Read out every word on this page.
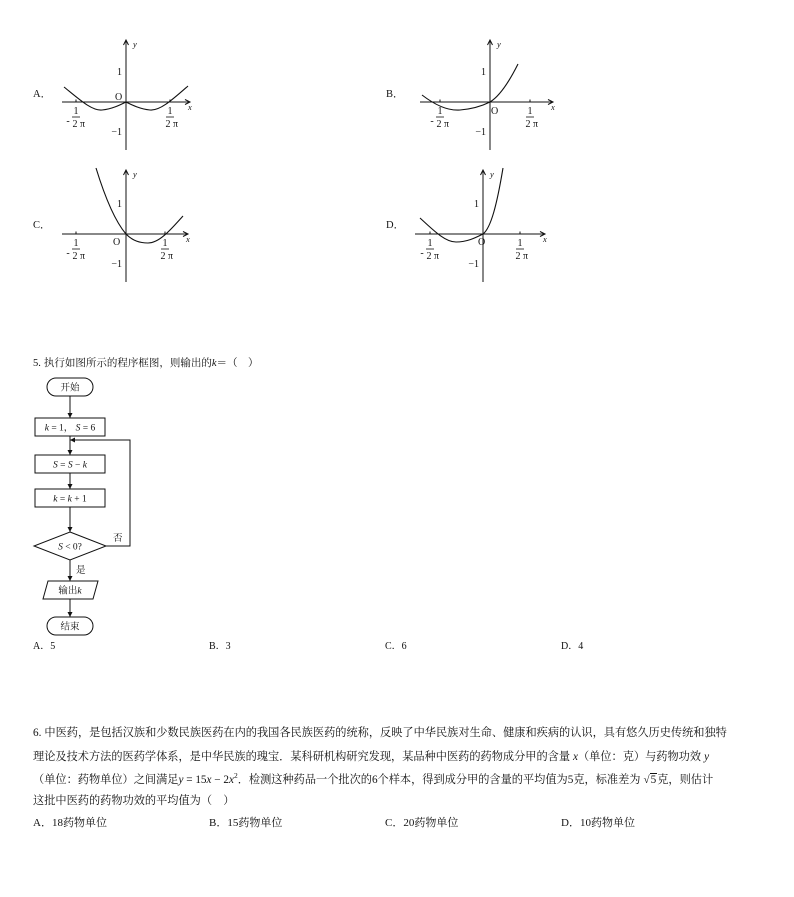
A．
y
x
O
1
−1
1
2 π
-
1
2 π
B．
y
x
O
1
−1
1
2 π
-
1
2 π
C．
y
x
O
1
−1
1
2 π
-
1
2 π
D．
y
x
O
1
−1
1
2 π
-
1
2 π
开始
k = 1， S = 6
S = S − k
k = k + 1
S < 0?
否
是
输出k
结束
5. 执行如图所示的程序框图，则输出的k＝（　）
A．5	B．3	C．6	D．4
6. 中医药，是包括汉族和少数民族医药在内的我国各民族医药的统称，反映了中华民族对生命、健康和疾病的认识，具有悠久历史传统和独特
理论及技术方法的医药学体系，是中华民族的瑰宝．某科研机构研究发现，某品种中医药的药物成分甲的含量 x（单位：克）与药物功效 y
（单位：药物单位）之间满足$y = 15x - 2x^2$．检测这种药品一个批次的6个样本，得到成分甲的含量的平均值为5克，标准差为 √5克，则估计
这批中医药的药物功效的平均值为（　）
A．18药物单位	B．15药物单位	C．20药物单位	D．10药物单位
